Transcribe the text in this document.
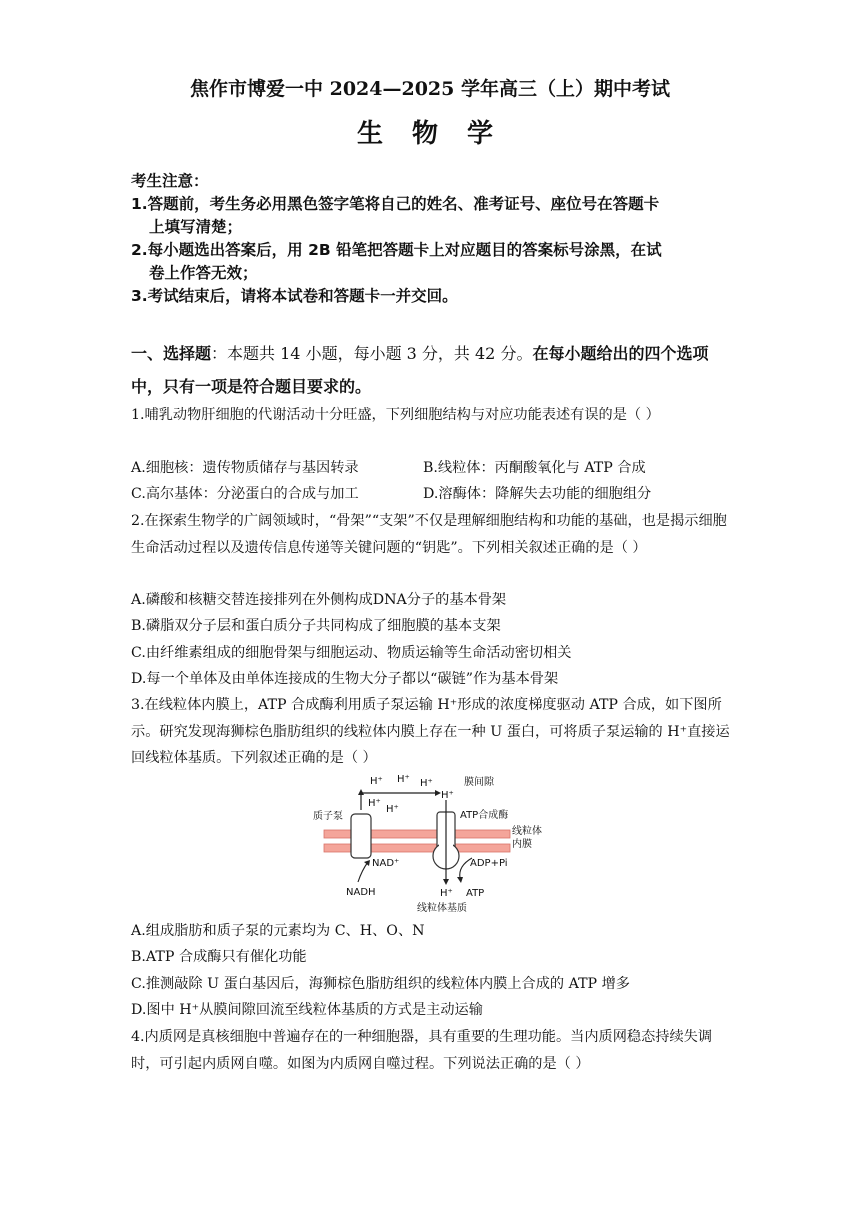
焦作市博爱一中 2024—2025 学年高三（上）期中考试
生 物 学
考生注意：
1.答题前，考生务必用黑色签字笔将自己的姓名、准考证号、座位号在答题卡
上填写清楚；
2.每小题选出答案后，用 2B 铅笔把答题卡上对应题目的答案标号涂黑，在试
卷上作答无效；
3.考试结束后，请将本试卷和答题卡一并交回。
一、选择题：本题共 14 小题，每小题 3 分，共 42 分。在每小题给出的四个选项中，只有一项是符合题目要求的。
1.哺乳动物肝细胞的代谢活动十分旺盛，下列细胞结构与对应功能表述有误的是（ ）
A.细胞核：遗传物质储存与基因转录	B.线粒体：丙酮酸氧化与 ATP 合成
C.高尔基体：分泌蛋白的合成与加工	D.溶酶体：降解失去功能的细胞组分
2.在探索生物学的广阔领域时，“骨架”“支架”不仅是理解细胞结构和功能的基础，也是揭示细胞生命活动过程以及遗传信息传递等关键问题的“钥匙”。下列相关叙述正确的是（ ）
A.磷酸和核糖交替连接排列在外侧构成DNA分子的基本骨架
B.磷脂双分子层和蛋白质分子共同构成了细胞膜的基本支架
C.由纤维素组成的细胞骨架与细胞运动、物质运输等生命活动密切相关
D.每一个单体及由单体连接成的生物大分子都以“碳链”作为基本骨架
3.在线粒体内膜上，ATP 合成酶利用质子泵运输 H⁺形成的浓度梯度驱动 ATP 合成，如下图所示。研究发现海狮棕色脂肪组织的线粒体内膜上存在一种 U 蛋白，可将质子泵运输的 H⁺直接运回线粒体基质。下列叙述正确的是（ ）
H⁺ H⁺ H⁺
H⁺
H⁺
H⁺
膜间隙
质子泵	ATP合成酶
线粒体
内膜
NAD⁺
NADH
ADP+Pi
H⁺ ATP
线粒体基质
A.组成脂肪和质子泵的元素均为 C、H、O、N
B.ATP 合成酶只有催化功能
C.推测敲除 U 蛋白基因后，海狮棕色脂肪组织的线粒体内膜上合成的 ATP 增多
D.图中 H⁺从膜间隙回流至线粒体基质的方式是主动运输
4.内质网是真核细胞中普遍存在的一种细胞器，具有重要的生理功能。当内质网稳态持续失调时，可引起内质网自噬。如图为内质网自噬过程。下列说法正确的是（ ）
